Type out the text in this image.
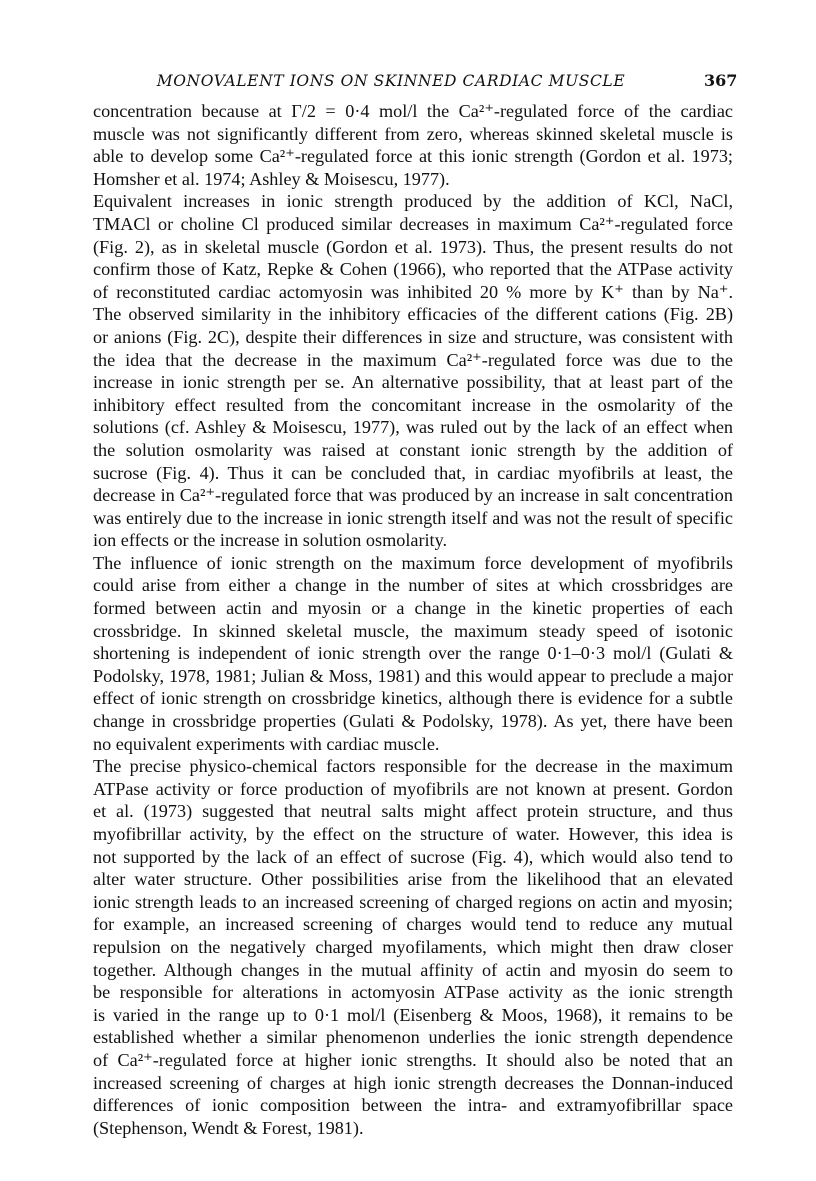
MONOVALENT IONS ON SKINNED CARDIAC MUSCLE	367

concentration because at Γ/2 = 0·4 mol/l the Ca²⁺-regulated force of the cardiac
muscle was not significantly different from zero, whereas skinned skeletal muscle is
able to develop some Ca²⁺-regulated force at this ionic strength (Gordon et al. 1973;
Homsher et al. 1974; Ashley & Moisescu, 1977).

Equivalent increases in ionic strength produced by the addition of KCl, NaCl,
TMACl or choline Cl produced similar decreases in maximum Ca²⁺-regulated force
(Fig. 2), as in skeletal muscle (Gordon et al. 1973). Thus, the present results do not
confirm those of Katz, Repke & Cohen (1966), who reported that the ATPase activity
of reconstituted cardiac actomyosin was inhibited 20 % more by K⁺ than by Na⁺.
The observed similarity in the inhibitory efficacies of the different cations (Fig. 2B)
or anions (Fig. 2C), despite their differences in size and structure, was consistent with
the idea that the decrease in the maximum Ca²⁺-regulated force was due to the
increase in ionic strength per se. An alternative possibility, that at least part of the
inhibitory effect resulted from the concomitant increase in the osmolarity of the
solutions (cf. Ashley & Moisescu, 1977), was ruled out by the lack of an effect when
the solution osmolarity was raised at constant ionic strength by the addition of
sucrose (Fig. 4). Thus it can be concluded that, in cardiac myofibrils at least, the
decrease in Ca²⁺-regulated force that was produced by an increase in salt concentration
was entirely due to the increase in ionic strength itself and was not the result of specific
ion effects or the increase in solution osmolarity.

The influence of ionic strength on the maximum force development of myofibrils
could arise from either a change in the number of sites at which crossbridges are
formed between actin and myosin or a change in the kinetic properties of each
crossbridge. In skinned skeletal muscle, the maximum steady speed of isotonic
shortening is independent of ionic strength over the range 0·1–0·3 mol/l (Gulati &
Podolsky, 1978, 1981; Julian & Moss, 1981) and this would appear to preclude a major
effect of ionic strength on crossbridge kinetics, although there is evidence for a subtle
change in crossbridge properties (Gulati & Podolsky, 1978). As yet, there have been
no equivalent experiments with cardiac muscle.

The precise physico-chemical factors responsible for the decrease in the maximum
ATPase activity or force production of myofibrils are not known at present. Gordon
et al. (1973) suggested that neutral salts might affect protein structure, and thus
myofibrillar activity, by the effect on the structure of water. However, this idea is
not supported by the lack of an effect of sucrose (Fig. 4), which would also tend to
alter water structure. Other possibilities arise from the likelihood that an elevated
ionic strength leads to an increased screening of charged regions on actin and myosin;
for example, an increased screening of charges would tend to reduce any mutual
repulsion on the negatively charged myofilaments, which might then draw closer
together. Although changes in the mutual affinity of actin and myosin do seem to
be responsible for alterations in actomyosin ATPase activity as the ionic strength
is varied in the range up to 0·1 mol/l (Eisenberg & Moos, 1968), it remains to be
established whether a similar phenomenon underlies the ionic strength dependence
of Ca²⁺-regulated force at higher ionic strengths. It should also be noted that an
increased screening of charges at high ionic strength decreases the Donnan-induced
differences of ionic composition between the intra- and extramyofibrillar space
(Stephenson, Wendt & Forest, 1981).
